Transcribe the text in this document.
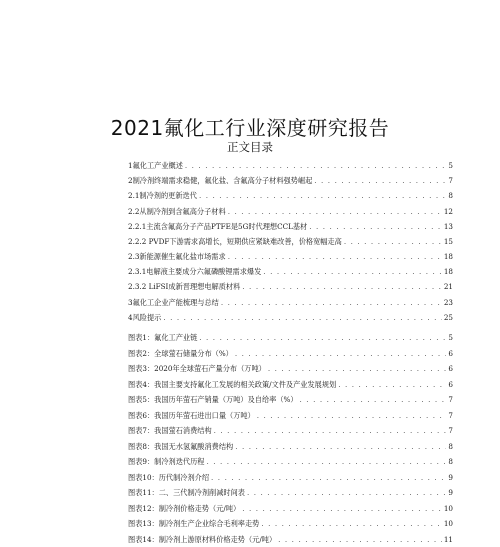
2021氟化工行业深度研究报告
正文目录
1氟化工产业概述 . . .	5
2制冷剂终端需求稳健，氟化盐、含氟高分子材料强势崛起 . . .	7
2.1制冷剂的更新迭代 . . .	8
2.2从制冷剂到含氟高分子材料 . . .	12
2.2.1主流含氟高分子产品PTFE是5G时代理想CCL基材 . . .	13
2.2.2 PVDF下游需求高增长，短期供应紧缺难改善，价格宽幅走高 . . .	15
2.3新能源催生氟化盐市场需求 . . .	18
2.3.1电解液主要成分六氟磷酸锂需求爆发 . . .	18
2.3.2 LiFSI成新晋理想电解质材料 . . .	21
3氟化工企业产能梳理与总结 . . .	23
4风险提示 . . .	25
图表1：氟化工产业链 . . .	5
图表2：全球萤石储量分布（%） . . .	6
图表3：2020年全球萤石产量分布（万吨） . . .	6
图表4：我国主要支持氟化工发展的相关政策/文件及产业发展规划 . . .	6
图表5：我国历年萤石产销量（万吨）及自给率（%） . . .	7
图表6：我国历年萤石进出口量（万吨） . . .	7
图表7：我国萤石消费结构 . . .	7
图表8：我国无水氢氟酸消费结构 . . .	8
图表9：制冷剂迭代历程 . . .	8
图表10：历代制冷剂介绍 . . .	9
图表11：二、三代制冷剂削减时间表 . . .	9
图表12：制冷剂价格走势（元/吨） . . .	10
图表13：制冷剂生产企业综合毛利率走势 . . .	10
图表14：制冷剂上游原材料价格走势（元/吨） . . .	11
